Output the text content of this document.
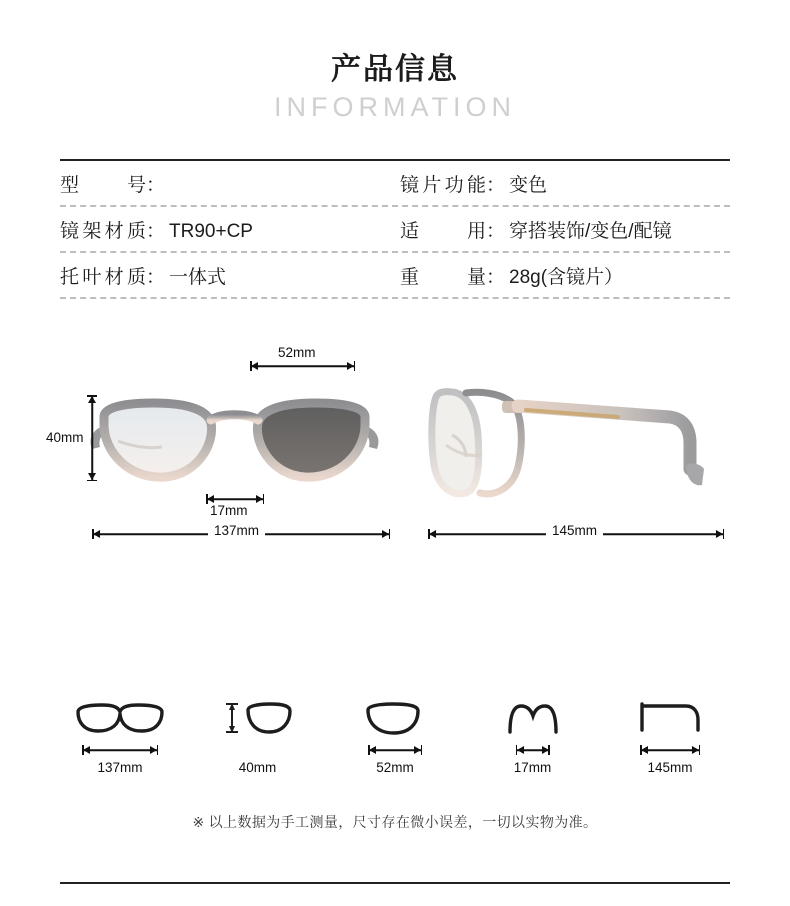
产品信息
INFORMATION
型号 ：	镜片功能 ： 变色
镜架材质 ： TR90+CP	适用 ： 穿搭装饰/变色/配镜
托叶材质 ： 一体式	重量 ： 28g(含镜片）
52mm
40mm
17mm
137mm	145mm
137mm	40mm	52mm	17mm	145mm
※ 以上数据为手工测量，尺寸存在微小误差，一切以实物为准。
